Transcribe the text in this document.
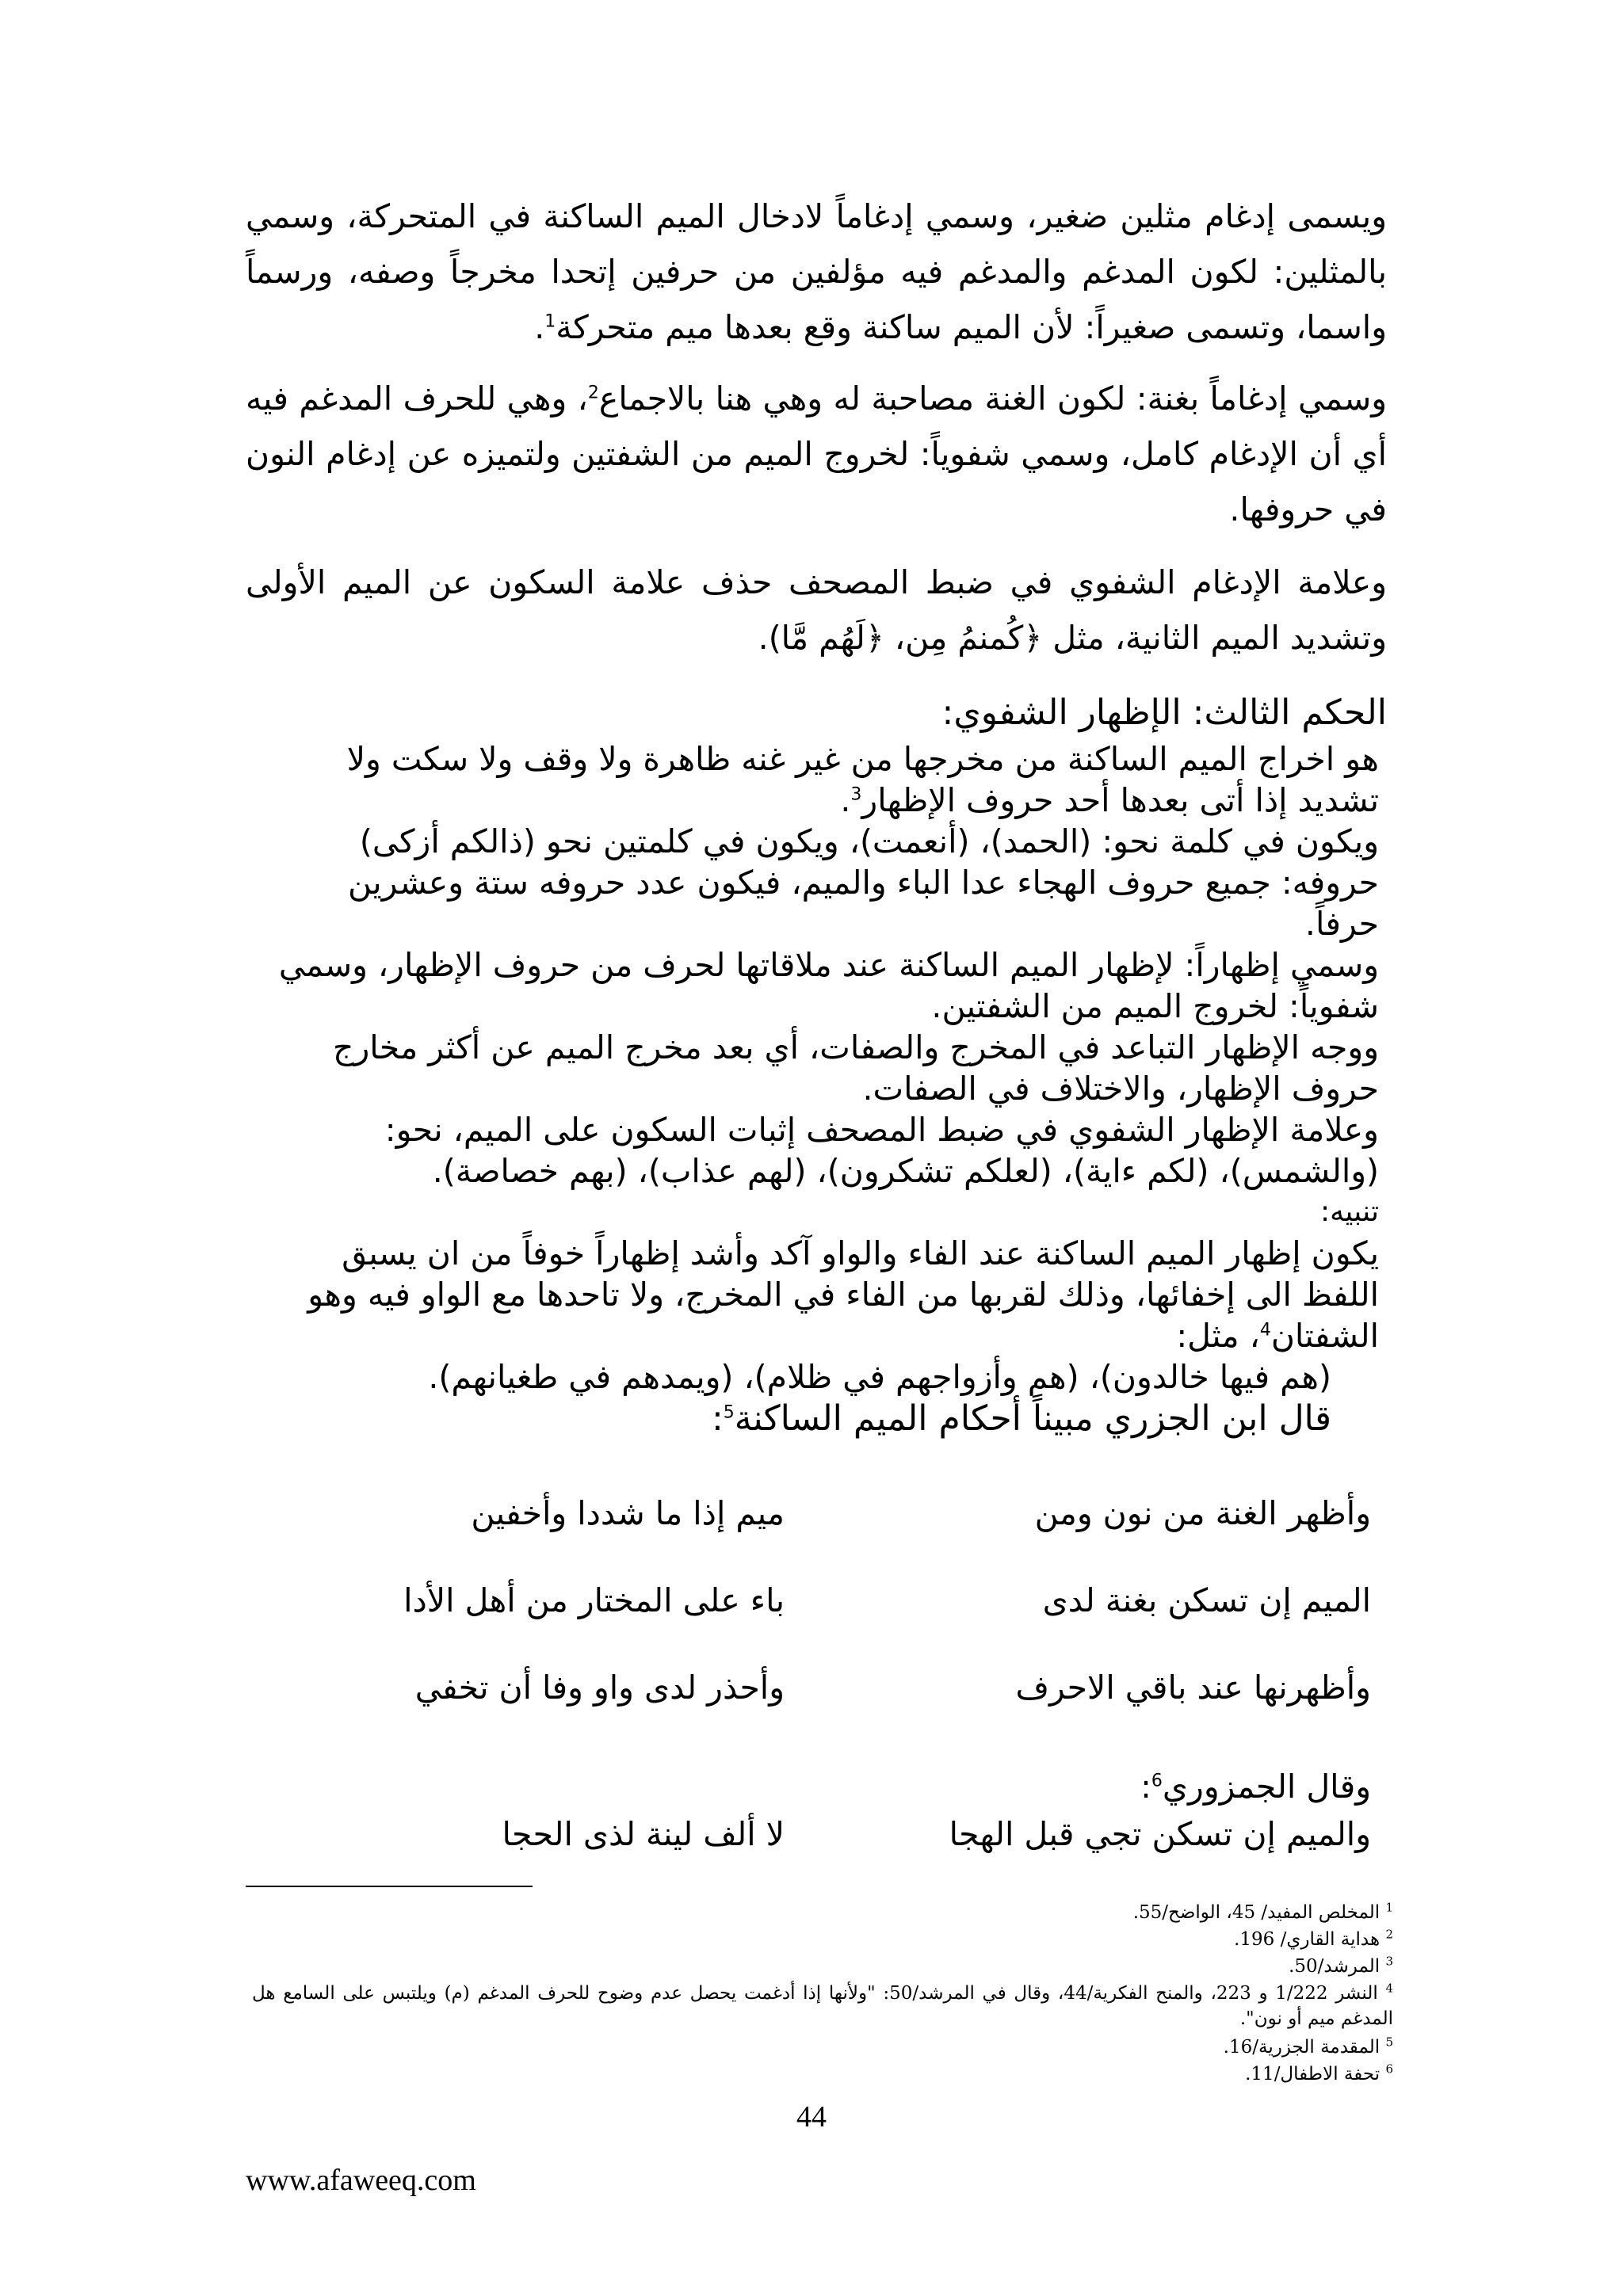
ويسمى إدغام مثلين ضغير، وسمي إدغاماً لادخال الميم الساكنة في المتحركة، وسمي بالمثلين: لكون المدغم والمدغم فيه مؤلفين من حرفين إتحدا مخرجاً وصفه، ورسماً واسما، وتسمى صغيراً: لأن الميم ساكنة وقع بعدها ميم متحركة$^1$.

وسمي إدغاماً بغنة: لكون الغنة مصاحبة له وهي هنا بالاجماع$^2$، وهي للحرف المدغم فيه أي أن الإدغام كامل، وسمي شفوياً: لخروج الميم من الشفتين ولتميزه عن إدغام النون في حروفها.

وعلامة الإدغام الشفوي في ضبط المصحف حذف علامة السكون عن الميم الأولى وتشديد الميم الثانية، مثل ﴿كُمنمُ مِن، ﴿لَهُم مَّا).

الحكم الثالث: الإظهار الشفوي:

هو اخراج الميم الساكنة من مخرجها من غير غنه ظاهرة ولا وقف ولا سكت ولا تشديد إذا أتى بعدها أحد حروف الإظهار$^3$.

ويكون في كلمة نحو: (الحمد)، (أنعمت)، ويكون في كلمتين نحو (ذالكم أزكى) حروفه: جميع حروف الهجاء عدا الباء والميم، فيكون عدد حروفه ستة وعشرين حرفاً.

وسمي إظهاراً: لإظهار الميم الساكنة عند ملاقاتها لحرف من حروف الإظهار، وسمي شفوياً: لخروج الميم من الشفتين.

ووجه الإظهار التباعد في المخرج والصفات، أي بعد مخرج الميم عن أكثر مخارج حروف الإظهار، والاختلاف في الصفات.

وعلامة الإظهار الشفوي في ضبط المصحف إثبات السكون على الميم، نحو: (والشمس)، (لكم ءاية)، (لعلكم تشكرون)، (لهم عذاب)، (بهم خصاصة).

تنبيه:

يكون إظهار الميم الساكنة عند الفاء والواو آكد وأشد إظهاراً خوفاً من ان يسبق اللفظ الى إخفائها، وذلك لقربها من الفاء في المخرج، ولا تاحدها مع الواو فيه وهو الشفتان$^4$، مثل:

(هم فيها خالدون)، (هم وأزواجهم في ظلام)، (ويمدهم في طغيانهم).

قال ابن الجزري مبيناً أحكام الميم الساكنة$^5$:

وأظهر الغنة من نون ومن
ميم إذا ما شددا وأخفين
الميم إن تسكن بغنة لدى
باء على المختار من أهل الأدا
وأظهرنها عند باقي الاحرف
وأحذر لدى واو وفا أن تخفي
وقال الجمزوري$^6$:
والميم إن تسكن تجي قبل الهجا
لا ألف لينة لذى الحجا
$^1$ المخلص المفيد/ 45، الواضح/55.
$^2$ هداية القاري/ 196.
$^3$ المرشد/50.
$^4$ النشر 1/222 و 223، والمنح الفكرية/44، وقال في المرشد/50: "ولأنها إذا أدغمت يحصل عدم وضوح للحرف المدغم (م) ويلتبس على السامع هل المدغم ميم أو نون".
$^5$ المقدمة الجزرية/16.
$^6$ تحفة الاطفال/11.
44
www.afaweeq.com
